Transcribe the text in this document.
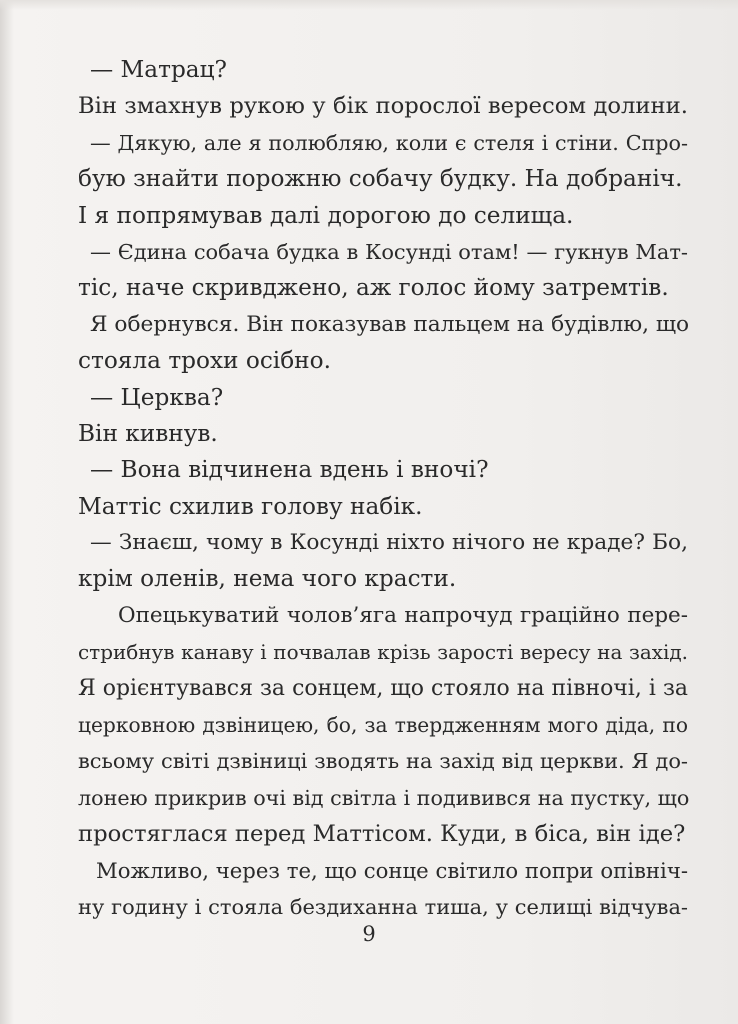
— Матрац?
Він змахнув рукою у бік порослої вересом долини.
— Дякую, але я полюбляю, коли є стеля і стіни. Спро-
бую знайти порожню собачу будку. На добраніч.
І я попрямував далі дорогою до селища.
— Єдина собача будка в Косунді отам! — гукнув Мат-
тіс, наче скривджено, аж голос йому затремтів.
Я обернувся. Він показував пальцем на будівлю, що
стояла трохи осібно.
— Церква?
Він кивнув.
— Вона відчинена вдень і вночі?
Маттіс схилив голову набік.
— Знаєш, чому в Косунді ніхто нічого не краде? Бо,
крім оленів, нема чого красти.
Опецькуватий чолов’яга напрочуд граційно пере-
стрибнув канаву і почвалав крізь зарості вересу на захід.
Я орієнтувався за сонцем, що стояло на півночі, і за
церковною дзвіницею, бо, за твердженням мого діда, по
всьому світі дзвіниці зводять на захід від церкви. Я до-
лонею прикрив очі від світла і подивився на пустку, що
простяглася перед Маттісом. Куди, в біса, він іде?
Можливо, через те, що сонце світило попри опівніч-
ну годину і стояла бездиханна тиша, у селищі відчува-
9
